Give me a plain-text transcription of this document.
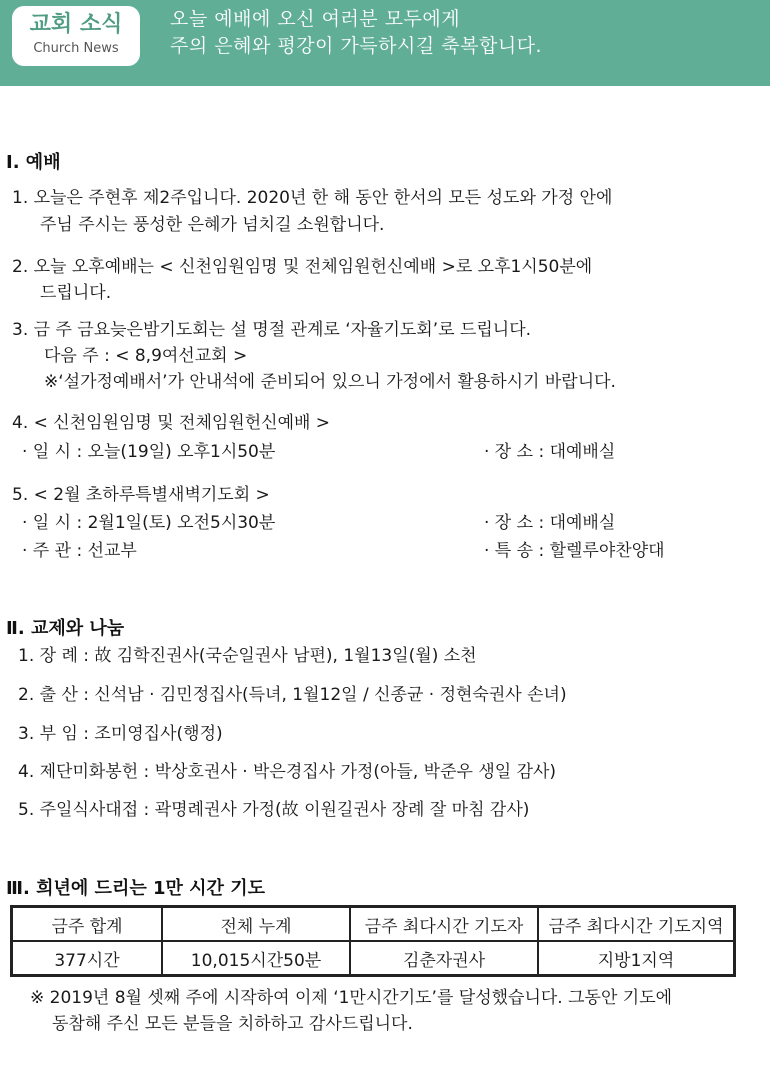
교회 소식
Church News
오늘 예배에 오신 여러분 모두에게
주의 은혜와 평강이 가득하시길 축복합니다.
Ⅰ. 예배
1. 오늘은 주현후 제2주입니다. 2020년 한 해 동안 한서의 모든 성도와 가정 안에
주님 주시는 풍성한 은혜가 넘치길 소원합니다.
2. 오늘 오후예배는 < 신천임원임명 및 전체임원헌신예배 >로 오후1시50분에
드립니다.
3. 금 주 금요늦은밤기도회는 설 명절 관계로 ‘자율기도회’로 드립니다.
다음 주 : < 8,9여선교회 >
※‘설가정예배서’가 안내석에 준비되어 있으니 가정에서 활용하시기 바랍니다.
4. < 신천임원임명 및 전체임원헌신예배 >
· 일 시 : 오늘(19일) 오후1시50분	· 장 소 : 대예배실
5. < 2월 초하루특별새벽기도회 >
· 일 시 : 2월1일(토) 오전5시30분	· 장 소 : 대예배실
· 주 관 : 선교부	· 특 송 : 할렐루야찬양대
Ⅱ. 교제와 나눔
1. 장 례 : 故 김학진권사(국순일권사 남편), 1월13일(월) 소천
2. 출 산 : 신석남 · 김민정집사(득녀, 1월12일 / 신종균 · 정현숙권사 손녀)
3. 부 임 : 조미영집사(행정)
4. 제단미화봉헌 : 박상호권사 · 박은경집사 가정(아들, 박준우 생일 감사)
5. 주일식사대접 : 곽명례권사 가정(故 이원길권사 장례 잘 마침 감사)
Ⅲ. 희년에 드리는 1만 시간 기도
금주 합계	전체 누계	금주 최다시간 기도자	금주 최다시간 기도지역
377시간	10,015시간50분	김춘자권사	지방1지역
※ 2019년 8월 셋째 주에 시작하여 이제 ‘1만시간기도’를 달성했습니다. 그동안 기도에
동참해 주신 모든 분들을 치하하고 감사드립니다.
